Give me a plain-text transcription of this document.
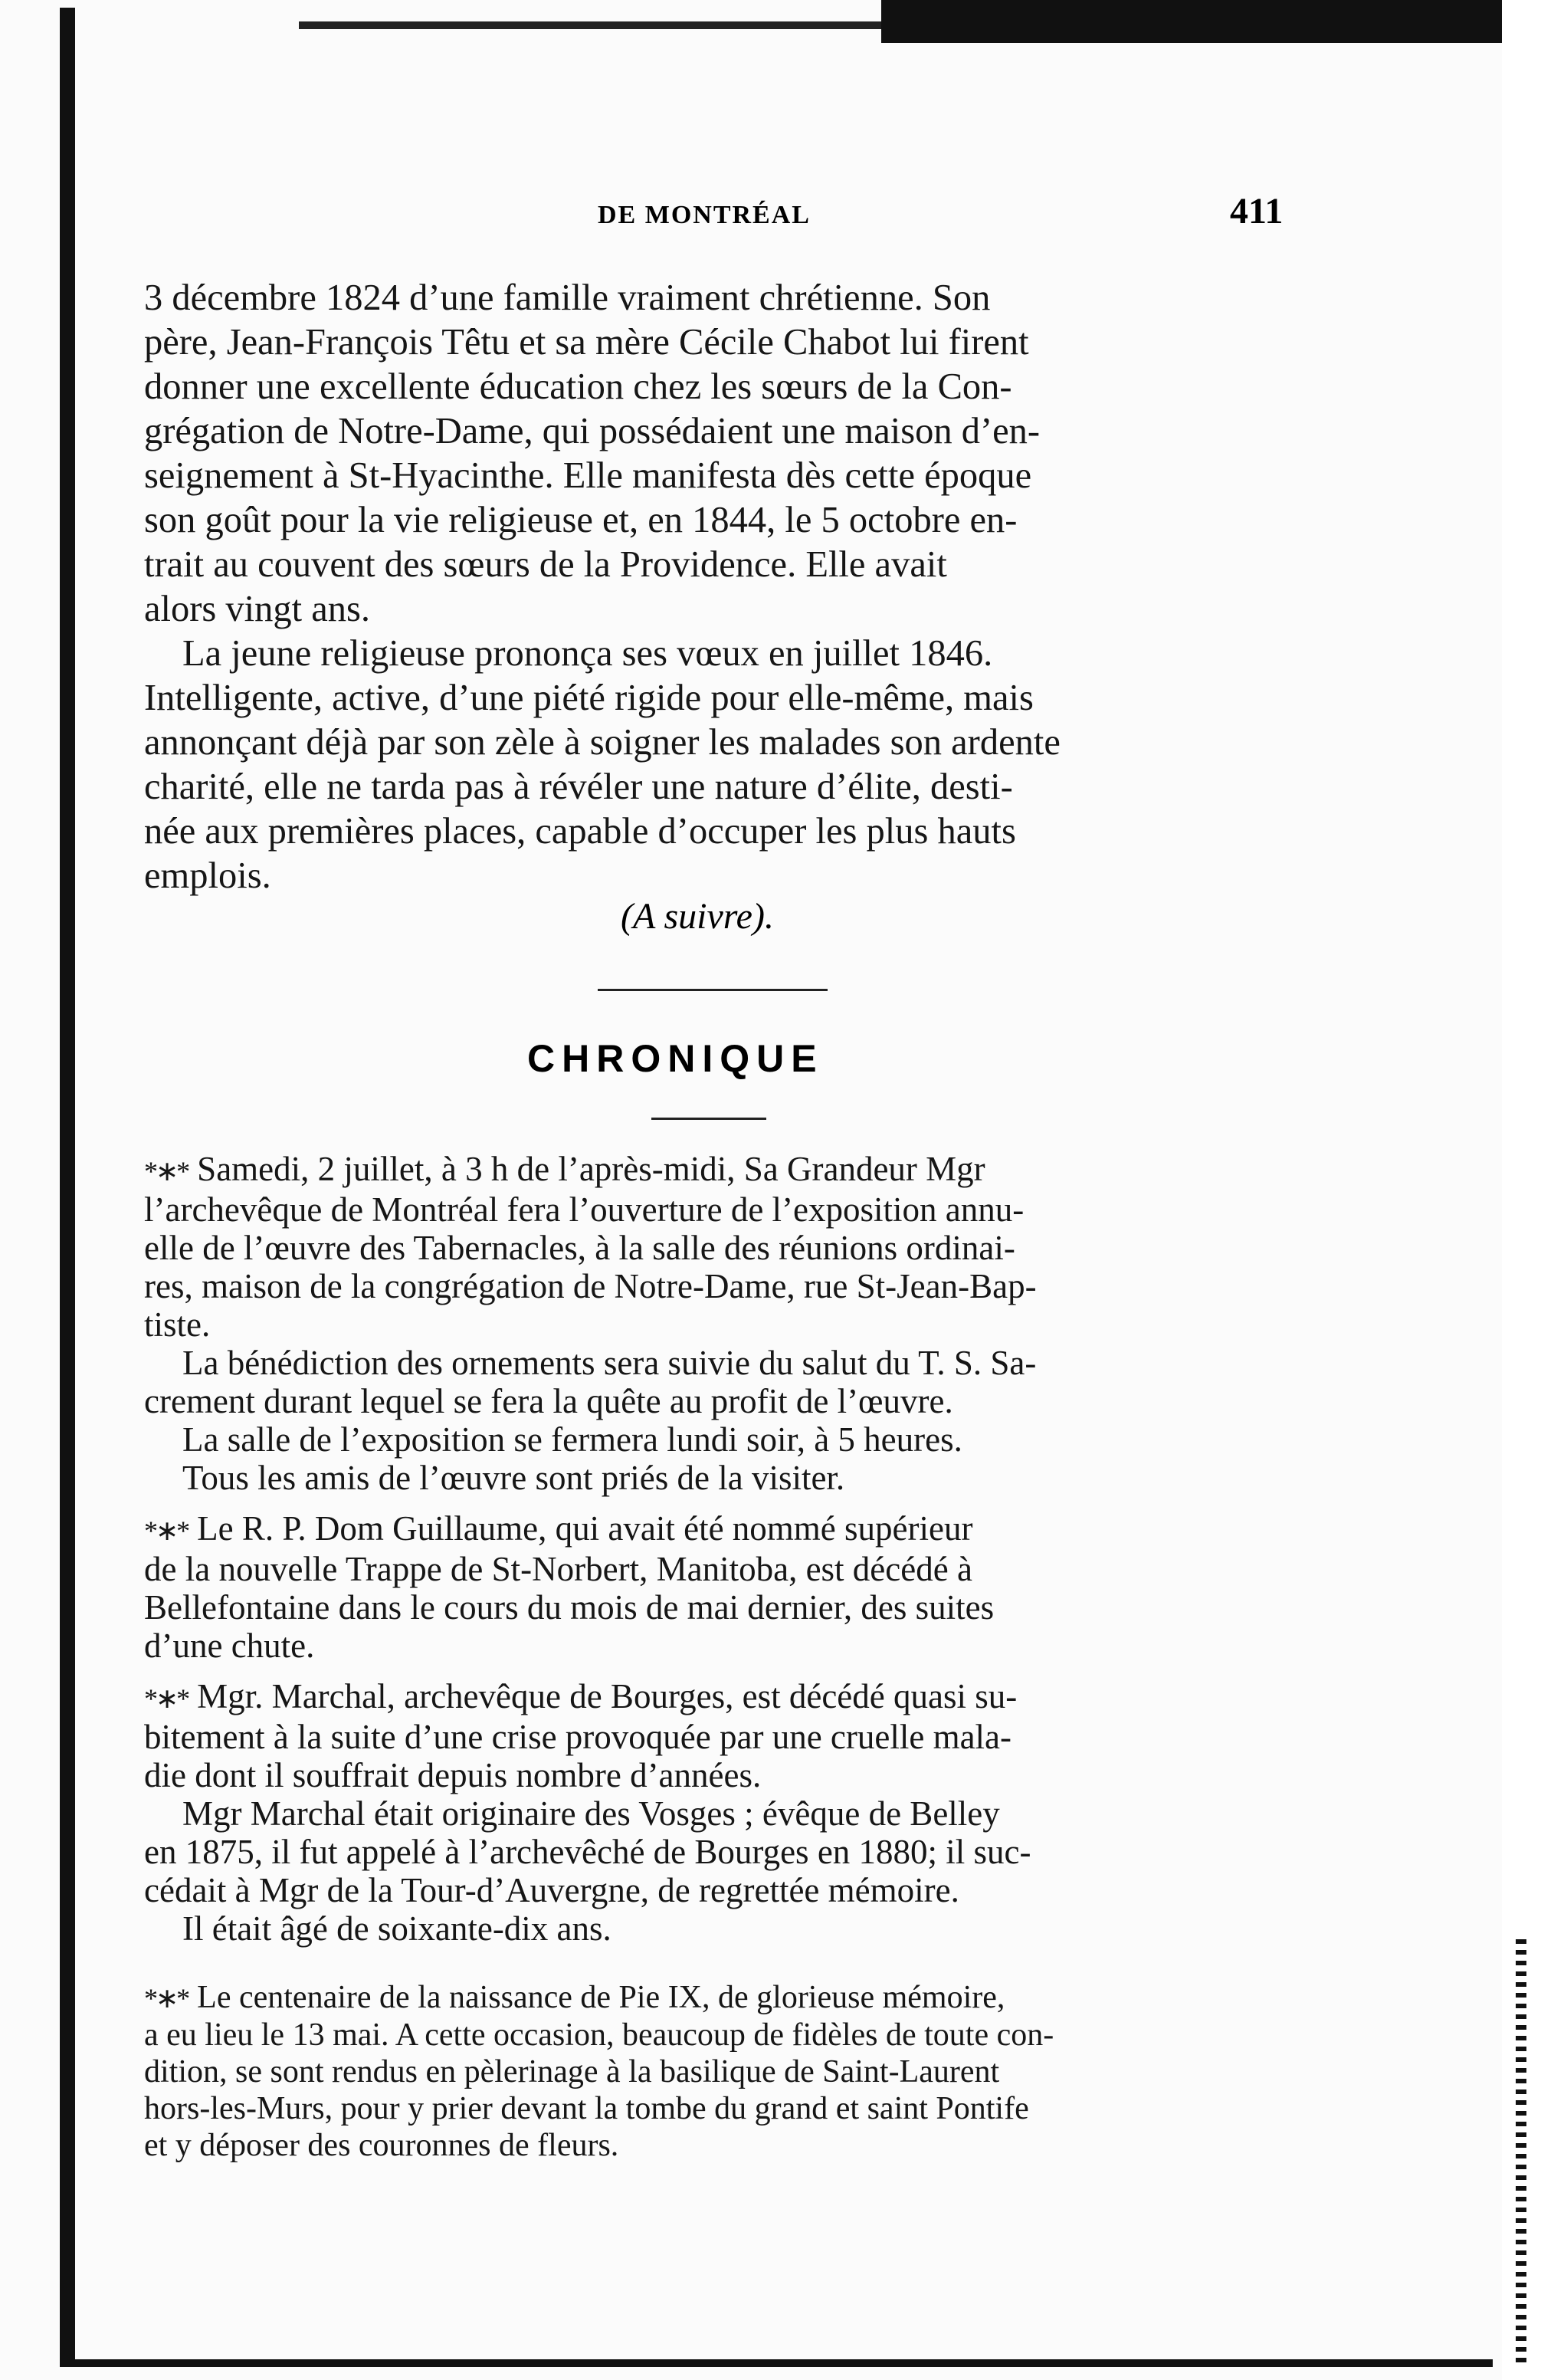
DE MONTRÉAL	411
3 décembre 1824 d’une famille vraiment chrétienne. Son
père, Jean-François Têtu et sa mère Cécile Chabot lui firent
donner une excellente éducation chez les sœurs de la Con-
grégation de Notre-Dame, qui possédaient une maison d’en-
seignement à St-Hyacinthe. Elle manifesta dès cette époque
son goût pour la vie religieuse et, en 1844, le 5 octobre en-
trait au couvent des sœurs de la Providence. Elle avait
alors vingt ans.
La jeune religieuse prononça ses vœux en juillet 1846.
Intelligente, active, d’une piété rigide pour elle-même, mais
annonçant déjà par son zèle à soigner les malades son ardente
charité, elle ne tarda pas à révéler une nature d’élite, desti-
née aux premières places, capable d’occuper les plus hauts
emplois.
(A suivre).
CHRONIQUE
*∗* Samedi, 2 juillet, à 3 h de l’après-midi, Sa Grandeur Mgr
l’archevêque de Montréal fera l’ouverture de l’exposition annu-
elle de l’œuvre des Tabernacles, à la salle des réunions ordinai-
res, maison de la congrégation de Notre-Dame, rue St-Jean-Bap-
tiste.
La bénédiction des ornements sera suivie du salut du T. S. Sa-
crement durant lequel se fera la quête au profit de l’œuvre.
La salle de l’exposition se fermera lundi soir, à 5 heures.
Tous les amis de l’œuvre sont priés de la visiter.
*∗* Le R. P. Dom Guillaume, qui avait été nommé supérieur
de la nouvelle Trappe de St-Norbert, Manitoba, est décédé à
Bellefontaine dans le cours du mois de mai dernier, des suites
d’une chute.
*∗* Mgr. Marchal, archevêque de Bourges, est décédé quasi su-
bitement à la suite d’une crise provoquée par une cruelle mala-
die dont il souffrait depuis nombre d’années.
Mgr Marchal était originaire des Vosges ; évêque de Belley
en 1875, il fut appelé à l’archevêché de Bourges en 1880; il suc-
cédait à Mgr de la Tour-d’Auvergne, de regrettée mémoire.
Il était âgé de soixante-dix ans.
*∗* Le centenaire de la naissance de Pie IX, de glorieuse mémoire,
a eu lieu le 13 mai. A cette occasion, beaucoup de fidèles de toute con-
dition, se sont rendus en pèlerinage à la basilique de Saint-Laurent
hors-les-Murs, pour y prier devant la tombe du grand et saint Pontife
et y déposer des couronnes de fleurs.
